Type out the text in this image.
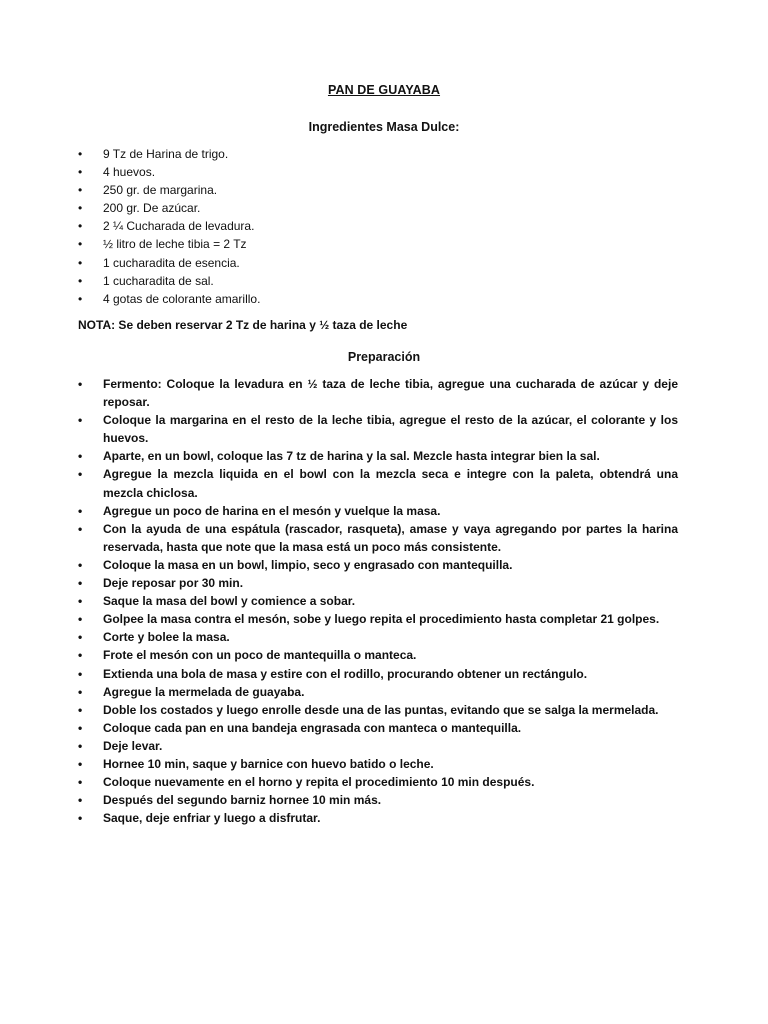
PAN DE GUAYABA
Ingredientes Masa Dulce:
• 9 Tz de Harina de trigo.
• 4 huevos.
• 250 gr. de margarina.
• 200 gr. De azúcar.
• 2 ¼ Cucharada de levadura.
• ½ litro de leche tibia = 2 Tz
• 1 cucharadita de esencia.
• 1 cucharadita de sal.
• 4 gotas de colorante amarillo.
NOTA: Se deben reservar 2 Tz de harina y ½ taza de leche
Preparación
• Fermento: Coloque la levadura en ½ taza de leche tibia, agregue una cucharada de azúcar y deje reposar.
• Coloque la margarina en el resto de la leche tibia, agregue el resto de la azúcar, el colorante y los huevos.
• Aparte, en un bowl, coloque las 7 tz de harina y la sal. Mezcle hasta integrar bien la sal.
• Agregue la mezcla liquida en el bowl con la mezcla seca e integre con la paleta, obtendrá una mezcla chiclosa.
• Agregue un poco de harina en el mesón y vuelque la masa.
• Con la ayuda de una espátula (rascador, rasqueta), amase y vaya agregando por partes la harina reservada, hasta que note que la masa está un poco más consistente.
• Coloque la masa en un bowl, limpio, seco y engrasado con mantequilla.
• Deje reposar por 30 min.
• Saque la masa del bowl y comience a sobar.
• Golpee la masa contra el mesón, sobe y luego repita el procedimiento hasta completar 21 golpes.
• Corte y bolee la masa.
• Frote el mesón con un poco de mantequilla o manteca.
• Extienda una bola de masa y estire con el rodillo, procurando obtener un rectángulo.
• Agregue la mermelada de guayaba.
• Doble los costados y luego enrolle desde una de las puntas, evitando que se salga la mermelada.
• Coloque cada pan en una bandeja engrasada con manteca o mantequilla.
• Deje levar.
• Hornee 10 min, saque y barnice con huevo batido o leche.
• Coloque nuevamente en el horno y repita el procedimiento 10 min después.
• Después del segundo barniz hornee 10 min más.
• Saque, deje enfriar y luego a disfrutar.
